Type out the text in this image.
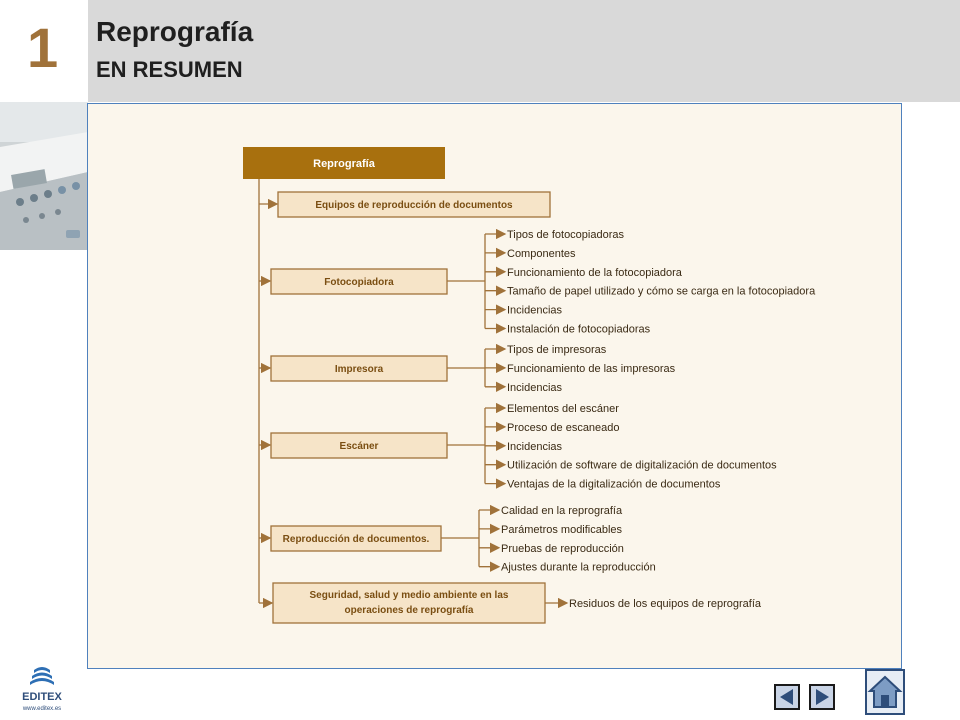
1 Reprografía
EN RESUMEN
Reprografía
Equipos de reproducción de documentos
Fotocopiadora
Tipos de fotocopiadoras
Componentes
Funcionamiento de la fotocopiadora
Tamaño de papel utilizado y cómo se carga en la fotocopiadora
Incidencias
Instalación de fotocopiadoras
Impresora
Tipos de impresoras
Funcionamiento de las impresoras
Incidencias
Escáner
Elementos del escáner
Proceso de escaneado
Incidencias
Utilización de software de digitalización de documentos
Ventajas de la digitalización de documentos
Reproducción de documentos.
Calidad en la reprografía
Parámetros modificables
Pruebas de reproducción
Ajustes durante la reproducción
Seguridad, salud y medio ambiente en las
operaciones de reprografía
Residuos de los equipos de reprografía
EDITEX
www.editex.es
